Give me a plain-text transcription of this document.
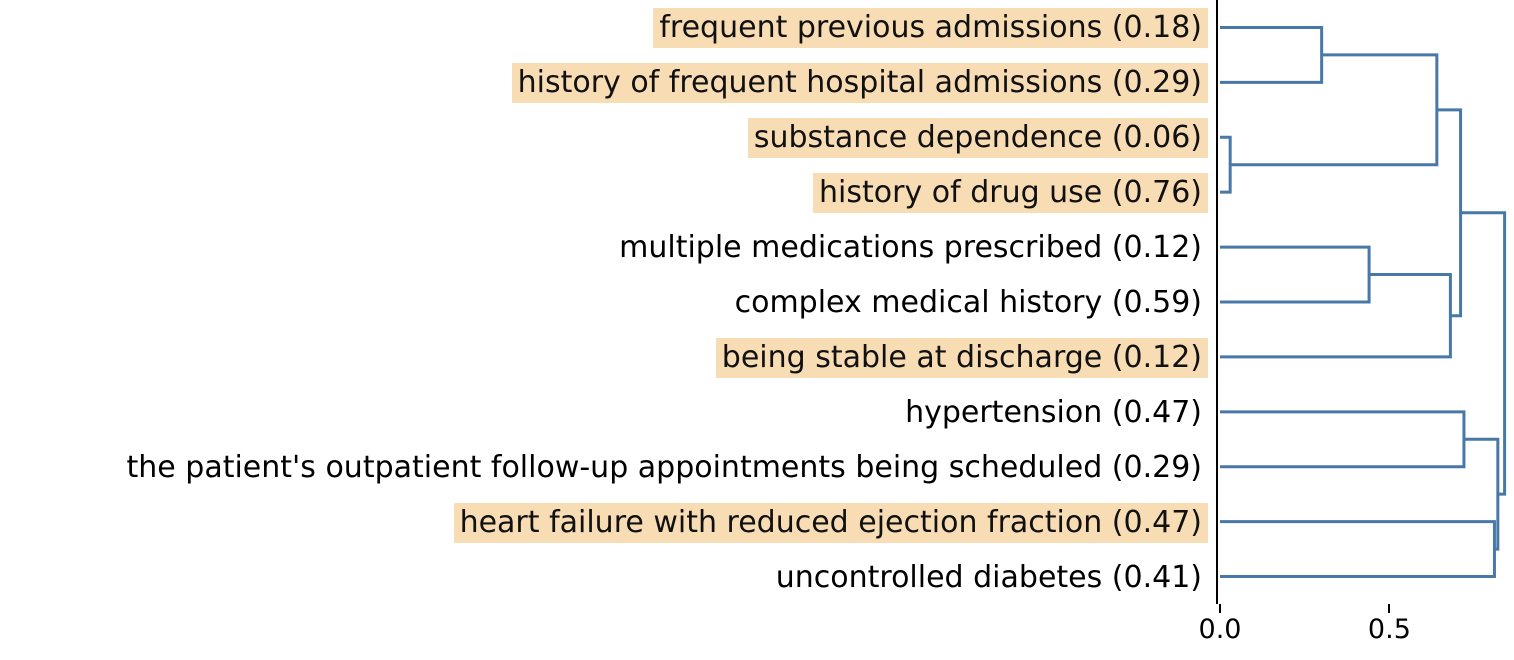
frequent previous admissions (0.18)
history of frequent hospital admissions (0.29)
substance dependence (0.06)
history of drug use (0.76)
multiple medications prescribed (0.12)
complex medical history (0.59)
being stable at discharge (0.12)
hypertension (0.47)
the patient's outpatient follow-up appointments being scheduled (0.29)
heart failure with reduced ejection fraction (0.47)
uncontrolled diabetes (0.41)
0.0	0.5
